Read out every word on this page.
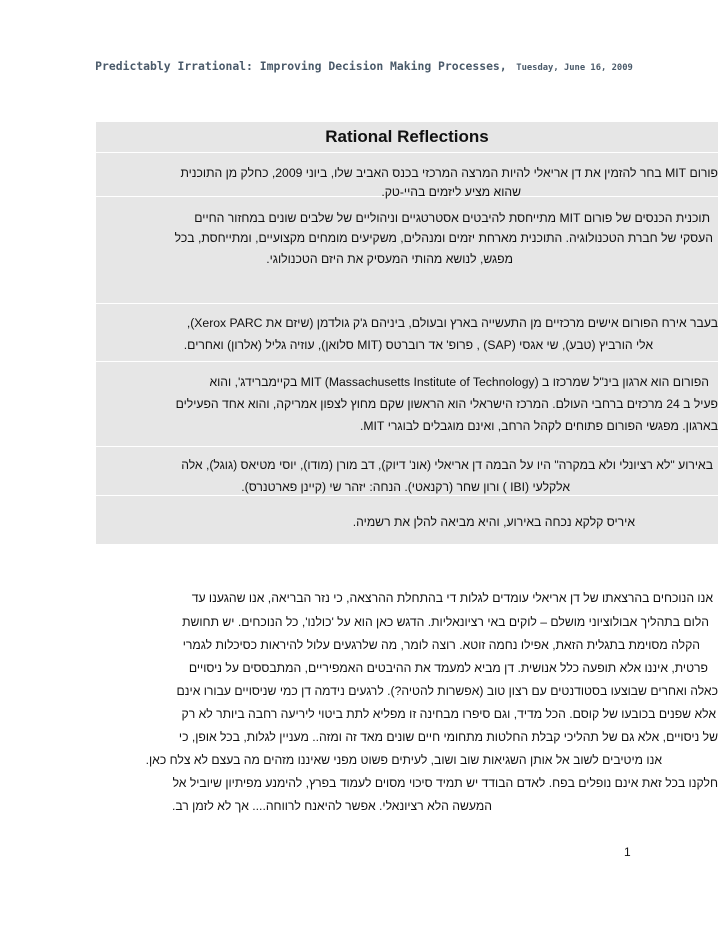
Predictably Irrational: Improving Decision Making Processes, Tuesday, June 16, 2009
Rational Reflections
פורום MIT בחר להזמין את דן אריאלי להיות המרצה המרכזי בכנס האביב שלו, ביוני 2009, כחלק מן התוכנית
שהוא מציע ליזמים בהיי-טק.
תוכנית הכנסים של פורום MIT מתייחסת להיבטים אסטרטגיים וניהוליים של שלבים שונים במחזור החיים
העסקי של חברת הטכנולוגיה. התוכנית מארחת יזמים ומנהלים, משקיעים מומחים מקצועיים, ומתייחסת, בכל
מפגש, לנושא מהותי המעסיק את היזם הטכנולוגי.
בעבר אירח הפורום אישים מרכזיים מן התעשייה בארץ ובעולם, ביניהם ג'ק גולדמן (שיזם את Xerox PARC),
אלי הורביץ (טבע), שי אגסי (SAP) , פרופ' אד רוברטס (MIT סלואן), עוזיה גליל (אלרון) ואחרים.
הפורום הוא ארגון בינ"ל שמרכזו ב MIT (Massachusetts Institute of Technology) בקיימברידג', והוא
פעיל ב 24 מרכזים ברחבי העולם. המרכז הישראלי הוא הראשון שקם מחוץ לצפון אמריקה, והוא אחד הפעילים
בארגון. מפגשי הפורום פתוחים לקהל הרחב, ואינם מוגבלים לבוגרי MIT.
באירוע "לא רציונלי ולא במקרה" היו על הבמה דן אריאלי (אונ' דיוק), דב מורן (מודו), יוסי מטיאס (גוגל), אלה
אלקלעי (IBI ) ורון שחר (רקנאטי). הנחה: יזהר שי (קיינן פארטנרס).
איריס קלקא נכחה באירוע, והיא מביאה להלן את רשמיה.
אנו הנוכחים בהרצאתו של דן אריאלי עומדים לגלות די בהתחלת ההרצאה, כי נזר הבריאה, אנו שהגענו עד
הלום בתהליך אבולוציוני מושלם – לוקים באי רציונאליות. הדגש כאן הוא על 'כולנו', כל הנוכחים. יש תחושת
הקלה מסוימת בתגלית הזאת, אפילו נחמה זוטא. רוצה לומר, מה שלרגעים עלול להיראות כסיכלות לגמרי
פרטית, איננו אלא תופעה כלל אנושית. דן מביא למעמד את ההיבטים האמפיריים, המתבססים על ניסויים
כאלה ואחרים שבוצעו בסטודנטים עם רצון טוב (אפשרות להטיה?). לרגעים נידמה דן כמי שניסויים עבורו אינם
אלא שפנים בכובעו של קוסם. הכל מדיד, וגם סיפרו מבחינה זו מפליא לתת ביטוי ליריעה רחבה ביותר לא רק
של ניסויים, אלא גם של תהליכי קבלת החלטות מתחומי חיים שונים מאד זה ומזה.. מעניין לגלות, בכל אופן, כי
אנו מיטיבים לשוב אל אותן השגיאות שוב ושוב, לעיתים פשוט מפני שאיננו מזהים מה בעצם לא צלח כאן.
חלקנו בכל זאת אינם נופלים בפח. לאדם הבודד יש תמיד סיכוי מסוים לעמוד בפרץ, להימנע מפיתיון שיוביל אל
המעשה הלא רציונאלי. אפשר להיאנח לרווחה.... אך לא לזמן רב.
1
